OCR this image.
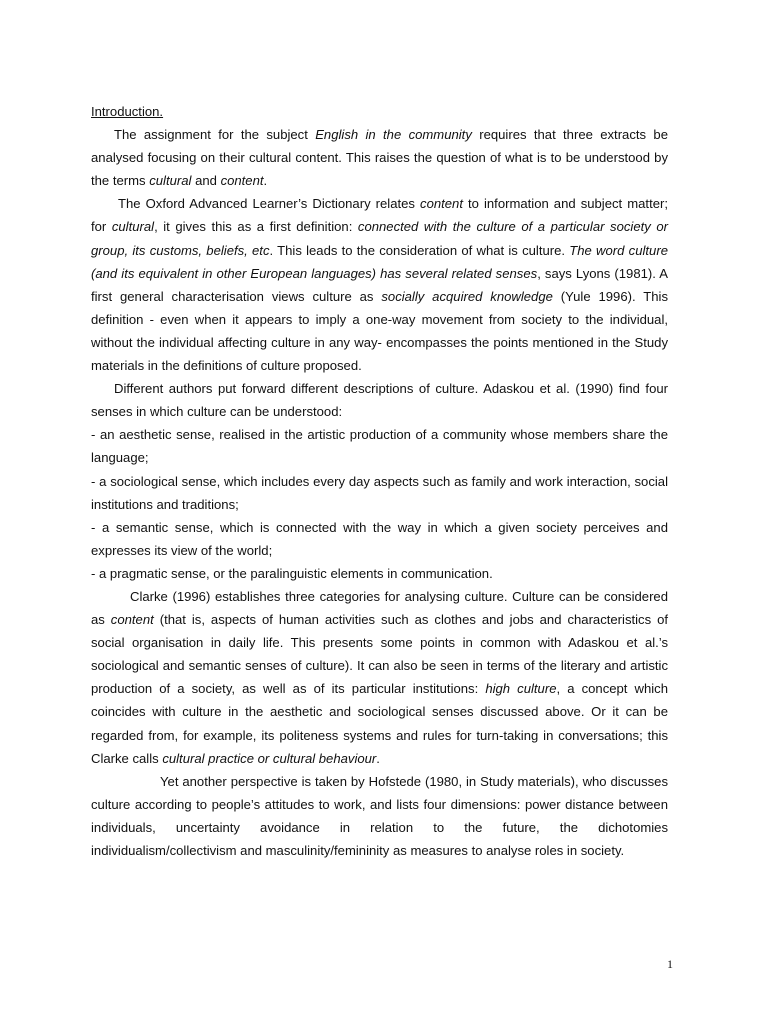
Introduction.

The assignment for the subject English in the community requires that three extracts be analysed focusing on their cultural content. This raises the question of what is to be understood by the terms cultural and content.

The Oxford Advanced Learner’s Dictionary relates content to information and subject matter; for cultural, it gives this as a first definition: connected with the culture of a particular society or group, its customs, beliefs, etc. This leads to the consideration of what is culture. The word culture (and its equivalent in other European languages) has several related senses, says Lyons (1981). A first general characterisation views culture as socially acquired knowledge (Yule 1996). This definition - even when it appears to imply a one-way movement from society to the individual, without the individual affecting culture in any way- encompasses the points mentioned in the Study materials in the definitions of culture proposed.

Different authors put forward different descriptions of culture. Adaskou et al. (1990) find four senses in which culture can be understood:

- an aesthetic sense, realised in the artistic production of a community whose members share the language;

- a sociological sense, which includes every day aspects such as family and work interaction, social institutions and traditions;

- a semantic sense, which is connected with the way in which a given society perceives and expresses its view of the world;

- a pragmatic sense, or the paralinguistic elements in communication.

Clarke (1996) establishes three categories for analysing culture. Culture can be considered as content (that is, aspects of human activities such as clothes and jobs and characteristics of social organisation in daily life. This presents some points in common with Adaskou et al.’s sociological and semantic senses of culture). It can also be seen in terms of the literary and artistic production of a society, as well as of its particular institutions: high culture, a concept which coincides with culture in the aesthetic and sociological senses discussed above. Or it can be regarded from, for example, its politeness systems and rules for turn-taking in conversations; this Clarke calls cultural practice or cultural behaviour.

Yet another perspective is taken by Hofstede (1980, in Study materials), who discusses culture according to people’s attitudes to work, and lists four dimensions: power distance between individuals, uncertainty avoidance in relation to the future, the dichotomies individualism/collectivism and masculinity/femininity as measures to analyse roles in society.

1
